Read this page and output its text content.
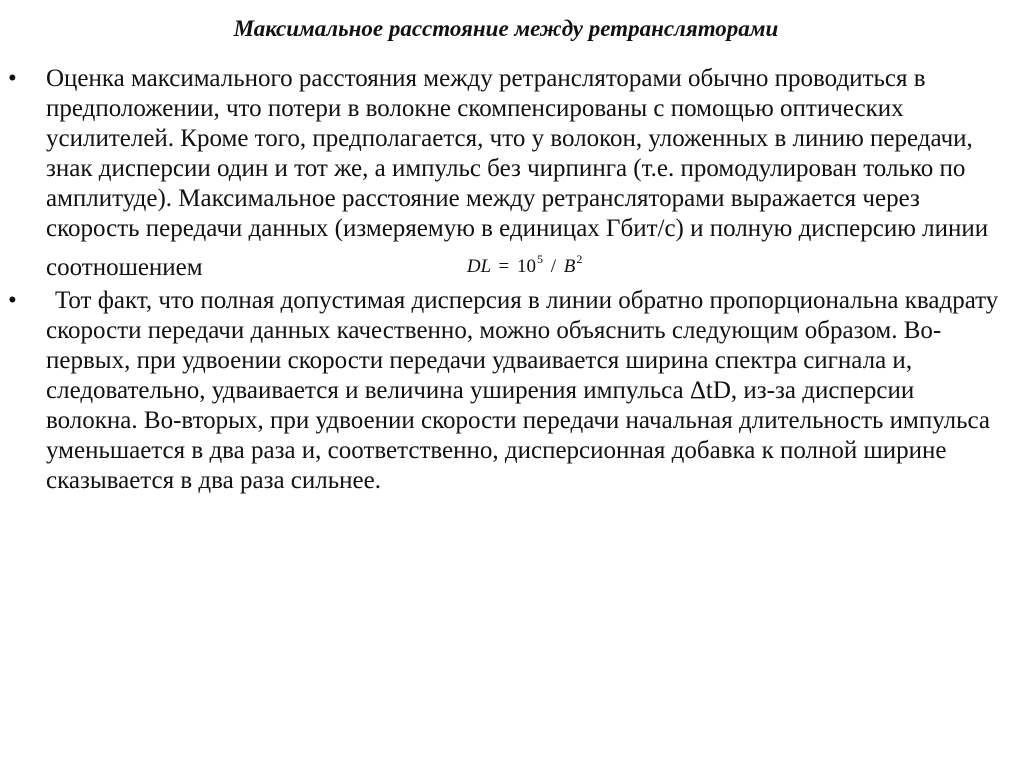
Максимальное расстояние между ретрансляторами
• Оценка максимального расстояния между ретрансляторами обычно проводиться в предположении, что потери в волокне скомпенсированы с помощью оптических усилителей. Кроме того, предполагается, что у волокон, уложенных в линию передачи, знак дисперсии один и тот же, а импульс без чирпинга (т.е. промодулирован только по амплитуде). Максимальное расстояние между ретрансляторами выражается через скорость передачи данных (измеряемую в единицах Гбит/с) и полную дисперсию линии соотношением	DL = $10^5 / B^2$
• Тот факт, что полная допустимая дисперсия в линии обратно пропорциональна квадрату скорости передачи данных качественно, можно объяснить следующим образом. Во-первых, при удвоении скорости передачи удваивается ширина спектра сигнала и, следовательно, удваивается и величина уширения импульса ΔtD, из-за дисперсии волокна. Во-вторых, при удвоении скорости передачи начальная длительность импульса уменьшается в два раза и, соответственно, дисперсионная добавка к полной ширине сказывается в два раза сильнее.
